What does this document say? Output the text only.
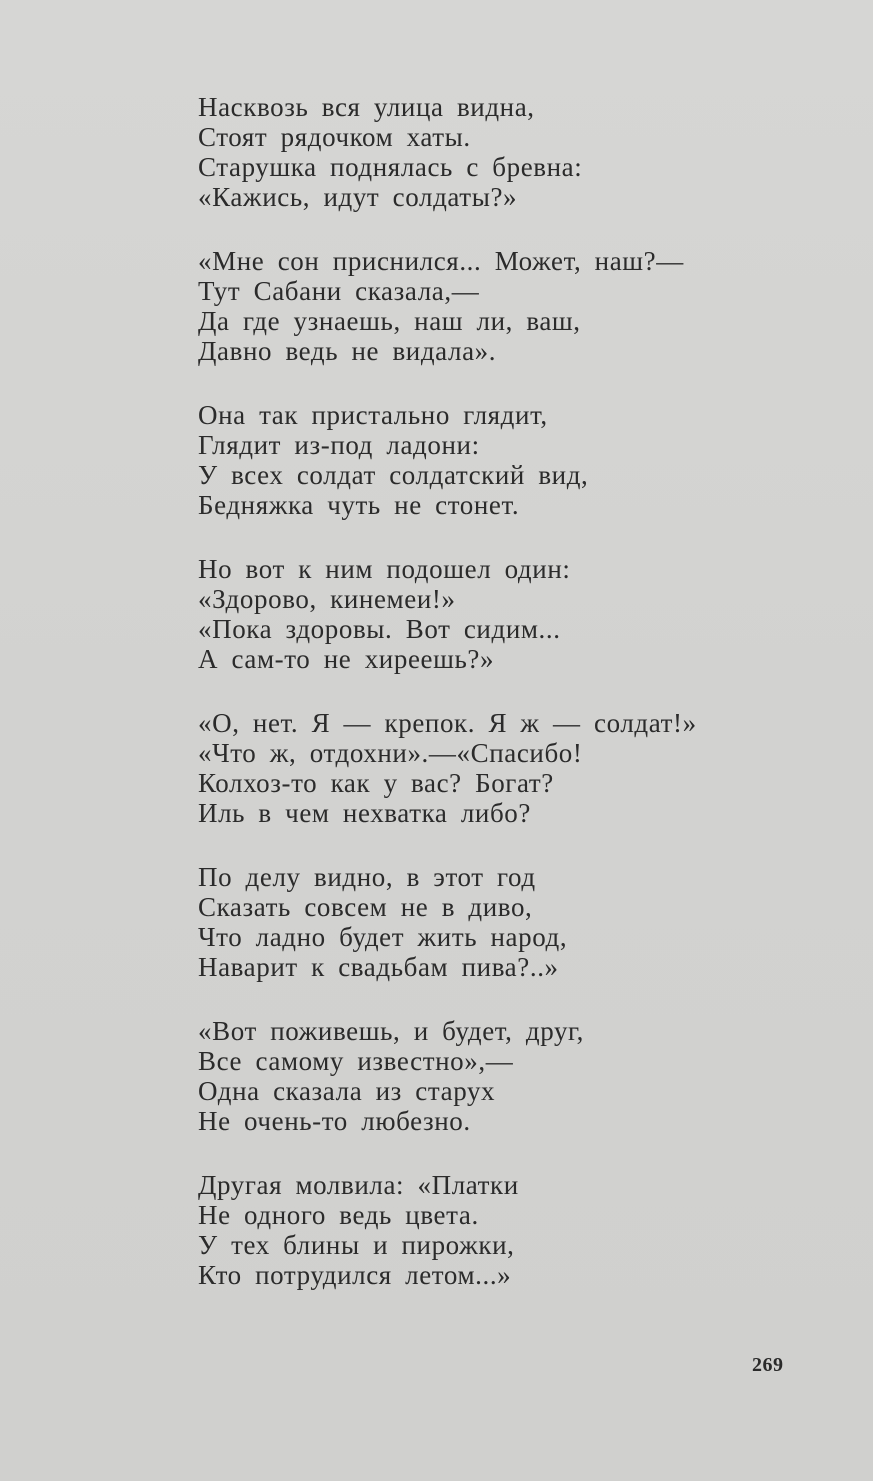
Насквозь вся улица видна,
Стоят рядочком хаты.
Старушка поднялась с бревна:
«Кажись, идут солдаты?»
«Мне сон приснился... Может, наш?—
Тут Сабани сказала,—
Да где узнаешь, наш ли, ваш,
Давно ведь не видала».
Она так пристально глядит,
Глядит из-под ладони:
У всех солдат солдатский вид,
Бедняжка чуть не стонет.
Но вот к ним подошел один:
«Здорово, кинемеи!»
«Пока здоровы. Вот сидим...
А сам-то не хиреешь?»
«О, нет. Я — крепок. Я ж — солдат!»
«Что ж, отдохни».—«Спасибо!
Колхоз-то как у вас? Богат?
Иль в чем нехватка либо?
По делу видно, в этот год
Сказать совсем не в диво,
Что ладно будет жить народ,
Наварит к свадьбам пива?..»
«Вот поживешь, и будет, друг,
Все самому известно»,—
Одна сказала из старух
Не очень-то любезно.
Другая молвила: «Платки
Не одного ведь цвета.
У тех блины и пирожки,
Кто потрудился летом...»
269
